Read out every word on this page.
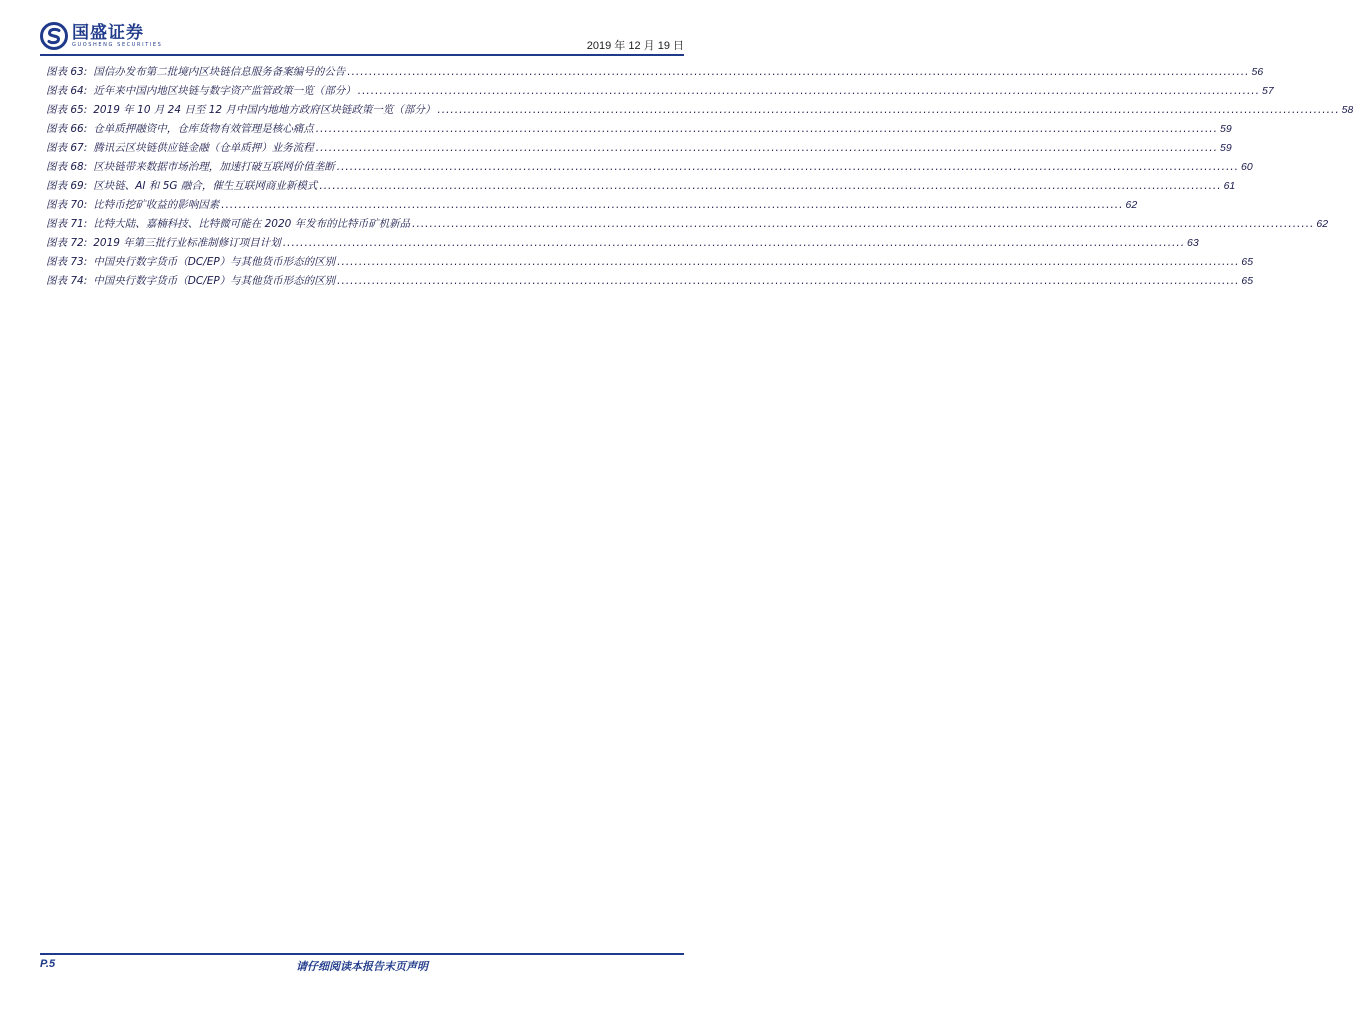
国盛证券
GUOSHENG SECURITIES	2019 年 12 月 19 日
图表 63: 国信办发布第二批境内区块链信息服务备案编号的公告 .....	56
图表 64: 近年来中国内地区块链与数字资产监管政策一览（部分） .....	57
图表 65: 2019 年 10 月 24 日至 12 月中国内地地方政府区块链政策一览（部分） .....	58
图表 66: 仓单质押融资中，仓库货物有效管理是核心痛点 .....	59
图表 67: 腾讯云区块链供应链金融（仓单质押）业务流程 .....	59
图表 68: 区块链带来数据市场治理，加速打破互联网价值垄断 .....	60
图表 69: 区块链、AI 和 5G 融合，催生互联网商业新模式 .....	61
图表 70: 比特币挖矿收益的影响因素 .....	62
图表 71: 比特大陆、嘉楠科技、比特微可能在 2020 年发布的比特币矿机新品 .....	62
图表 72: 2019 年第三批行业标准制修订项目计划 .....	63
图表 73: 中国央行数字货币（DC/EP）与其他货币形态的区别 .....	65
图表 74: 中国央行数字货币（DC/EP）与其他货币形态的区别 .....	65
P.5	请仔细阅读本报告末页声明
